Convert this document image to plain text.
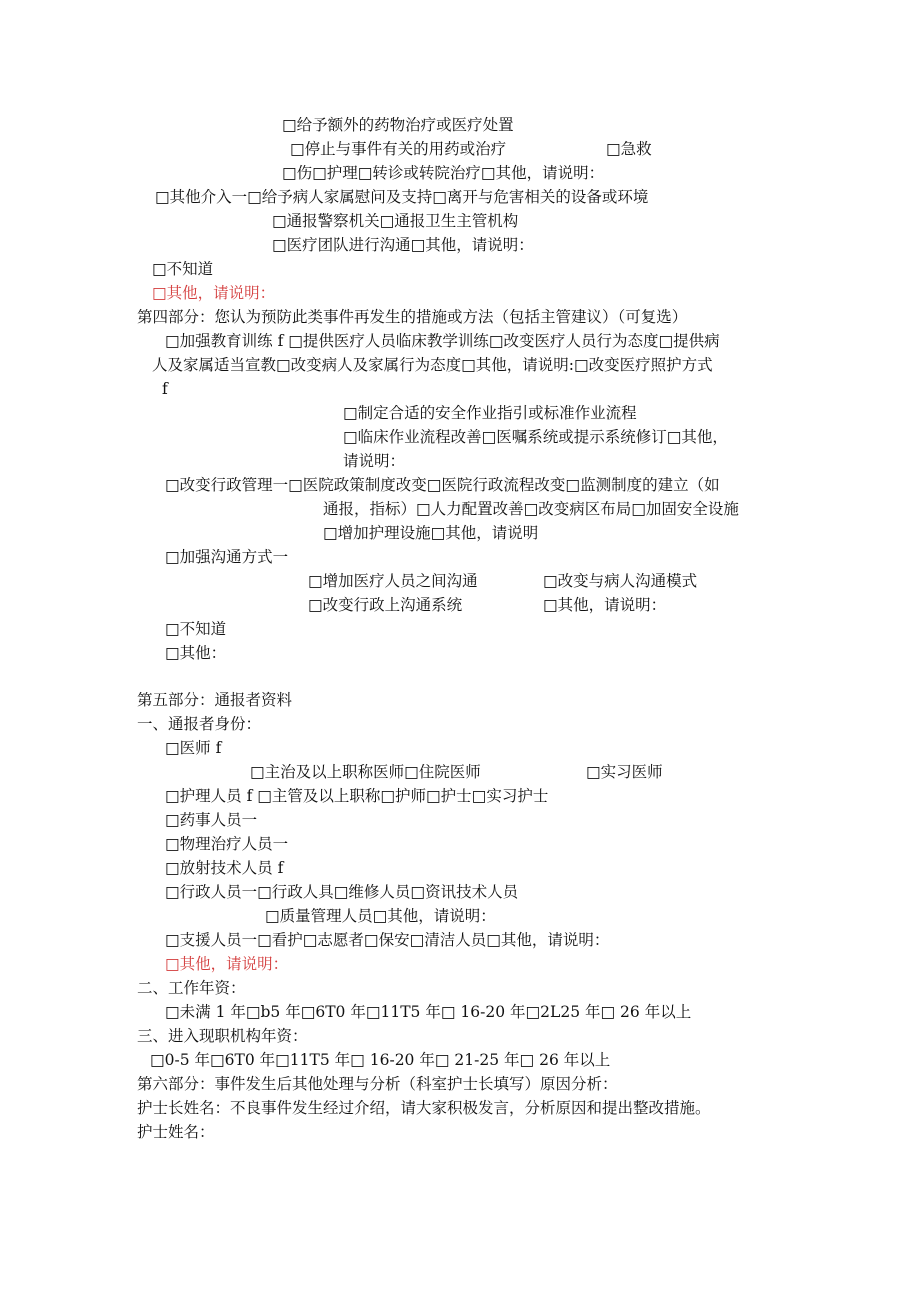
□给予额外的药物治疗或医疗处置
□停止与事件有关的用药或治疗	□急救
□伤□护理□转诊或转院治疗□其他，请说明：
□其他介入一□给予病人家属慰问及支持□离开与危害相关的设备或环境
□通报警察机关□通报卫生主管机构
□医疗团队进行沟通□其他，请说明：
□不知道
□其他，请说明：
第四部分：您认为预防此类事件再发生的措施或方法（包括主管建议）（可复选）
□加强教育训练 f □提供医疗人员临床教学训练□改变医疗人员行为态度□提供病
人及家属适当宣教□改变病人及家属行为态度□其他，请说明:□改变医疗照护方式
f
□制定合适的安全作业指引或标准作业流程
□临床作业流程改善□医嘱系统或提示系统修订□其他，
请说明：
□改变行政管理一□医院政策制度改变□医院行政流程改变□监测制度的建立（如
通报，指标）□人力配置改善□改变病区布局□加固安全设施
□增加护理设施□其他，请说明
□加强沟通方式一
□增加医疗人员之间沟通	□改变与病人沟通模式
□改变行政上沟通系统	□其他，请说明：
□不知道
□其他：
第五部分：通报者资料
一、通报者身份：
□医师 f
□主治及以上职称医师□住院医师	□实习医师
□护理人员 f □主管及以上职称□护师□护士□实习护士
□药事人员一
□物理治疗人员一
□放射技术人员 f
□行政人员一□行政人具□维修人员□资讯技术人员
□质量管理人员□其他，请说明：
□支援人员一□看护□志愿者□保安□清洁人员□其他，请说明：
□其他，请说明：
二、工作年资：
□未满 1 年□b5 年□6T0 年□11T5 年□ 16-20 年□2L25 年□ 26 年以上
三、进入现职机构年资：
□0-5 年□6T0 年□11T5 年□ 16-20 年□ 21-25 年□ 26 年以上
第六部分：事件发生后其他处理与分析（科室护士长填写）原因分析：
护士长姓名：不良事件发生经过介绍，请大家积极发言，分析原因和提出整改措施。
护士姓名：
